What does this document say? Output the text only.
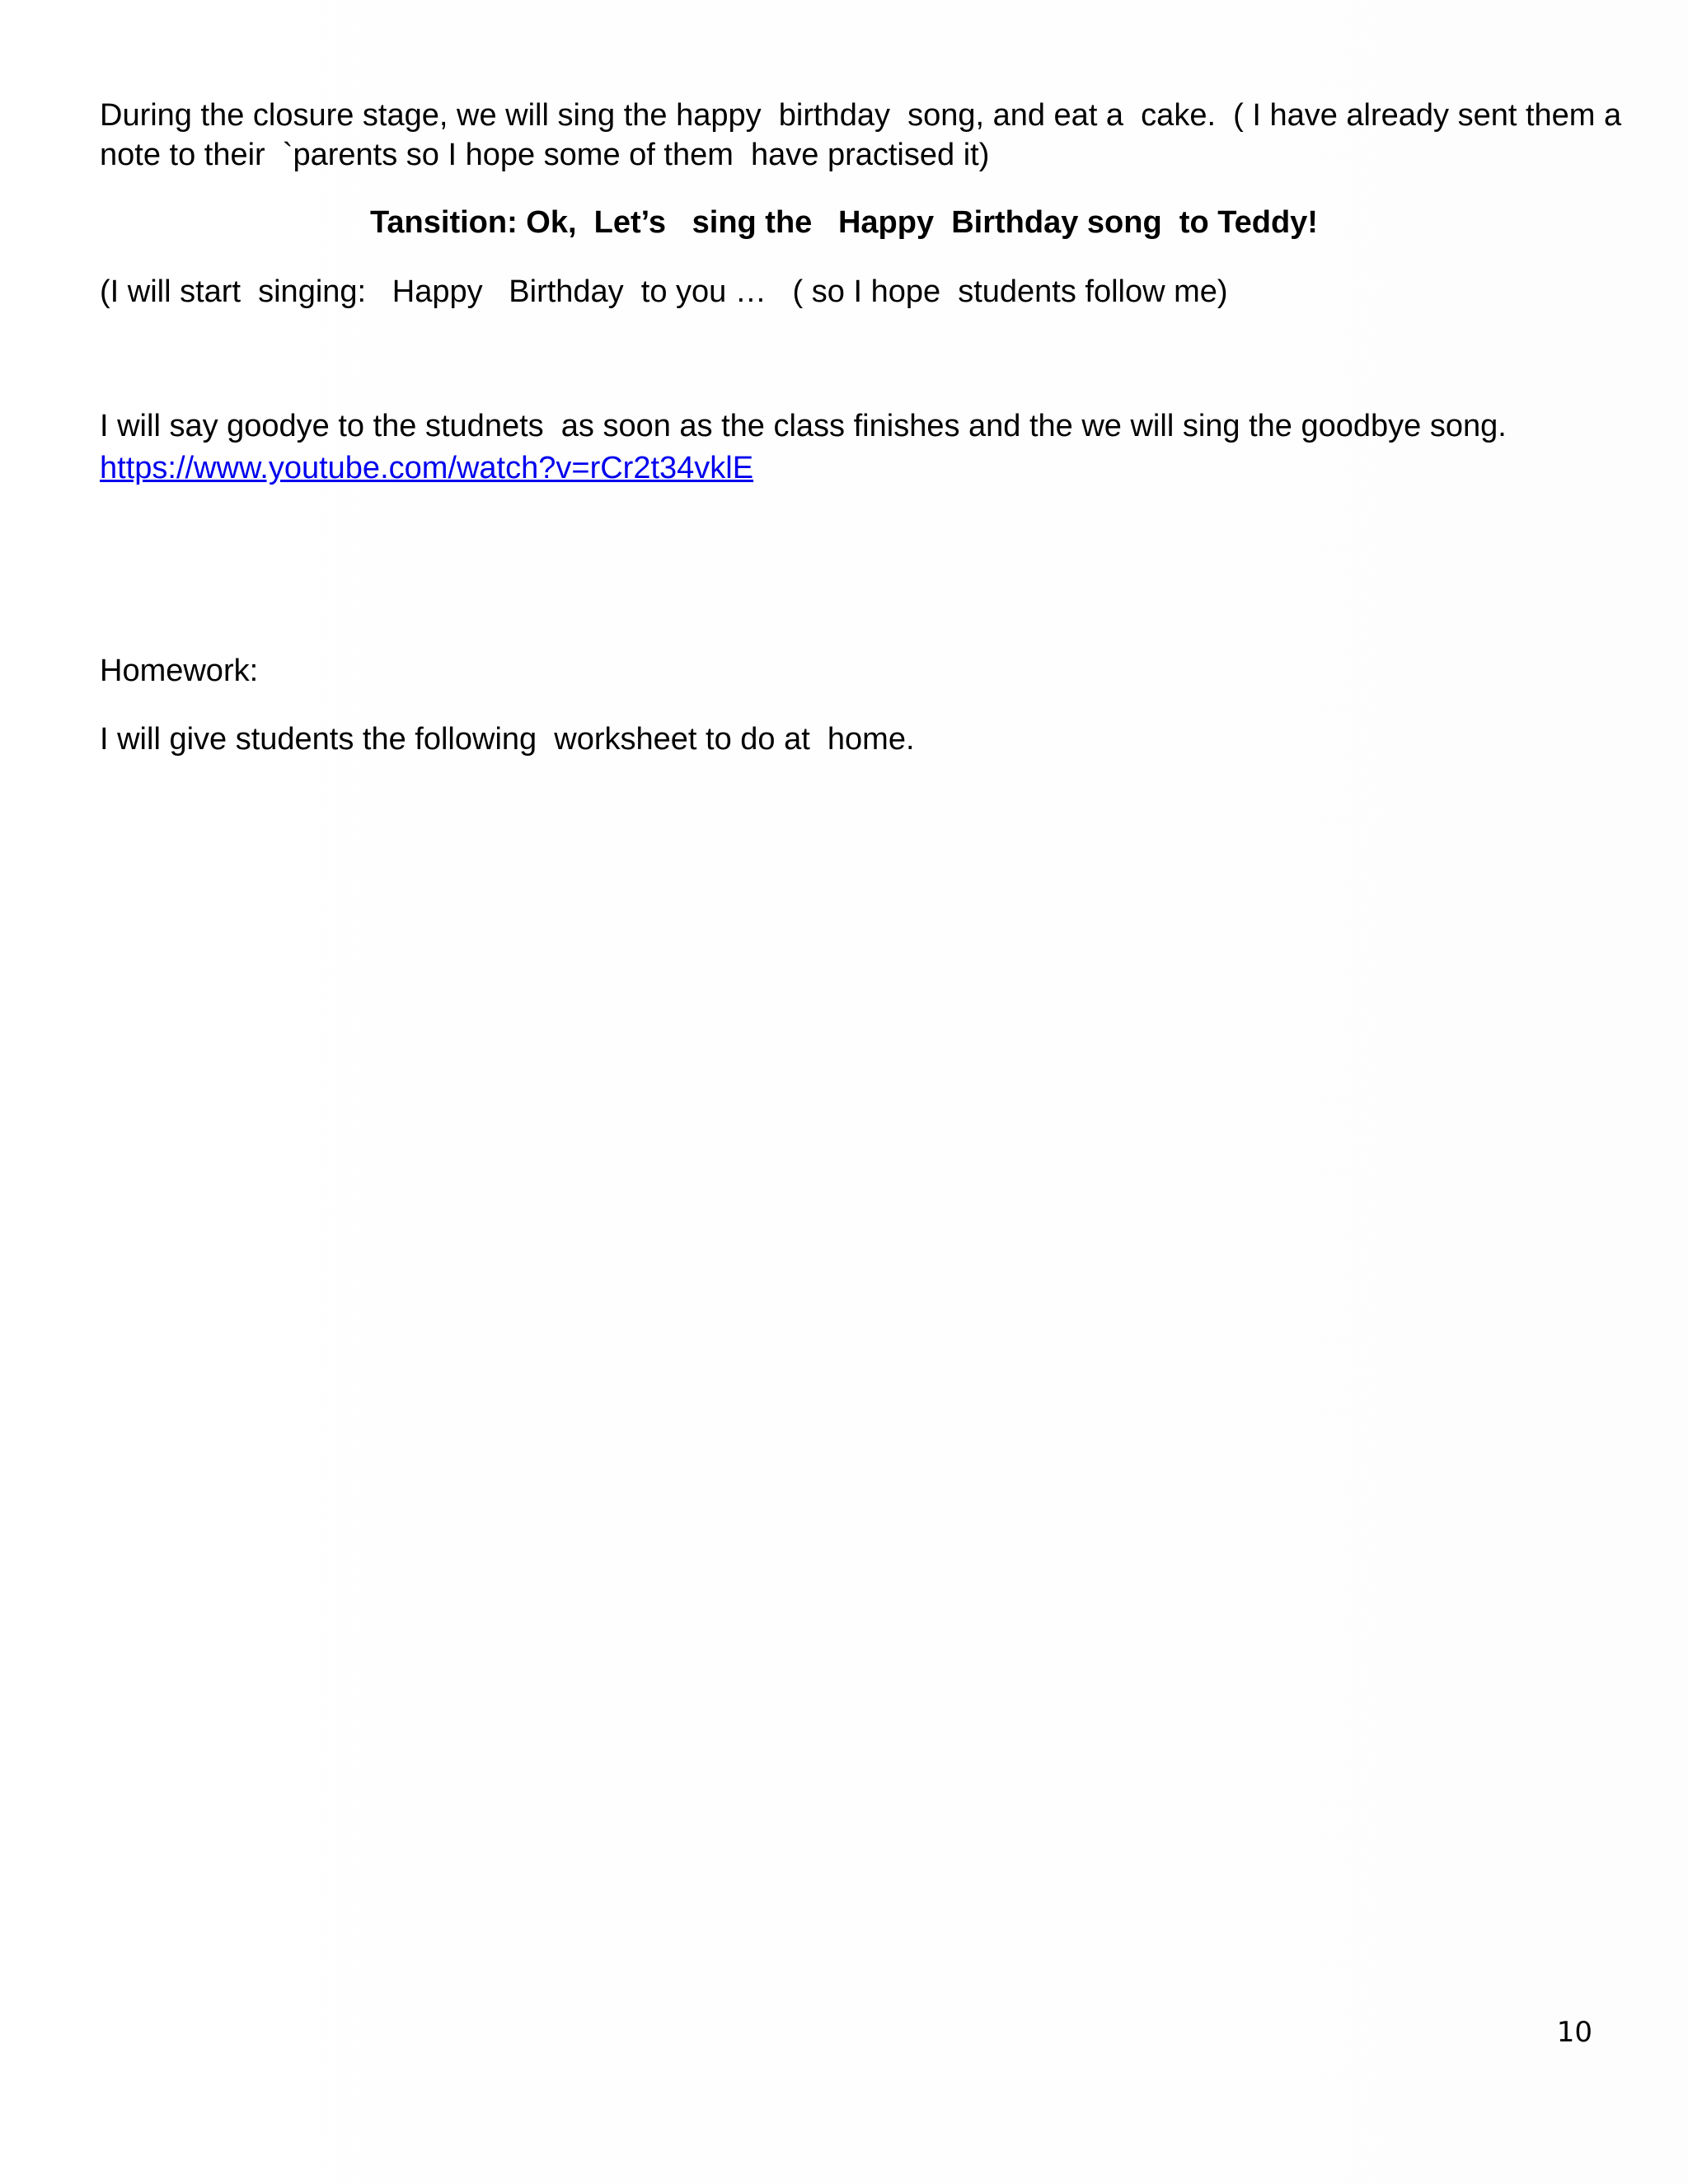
During the closure stage, we will sing the happy  birthday  song, and eat a  cake.  ( I have already sent them a

note to their  `parents so I hope some of them  have practised it)

Tansition: Ok,  Let’s   sing the   Happy  Birthday song  to Teddy!

(I will start  singing:   Happy   Birthday  to you …   ( so I hope  students follow me)

I will say goodye to the studnets  as soon as the class finishes and the we will sing the goodbye song.

https://www.youtube.com/watch?v=rCr2t34vklE

Homework:

I will give students the following  worksheet to do at  home.

10
